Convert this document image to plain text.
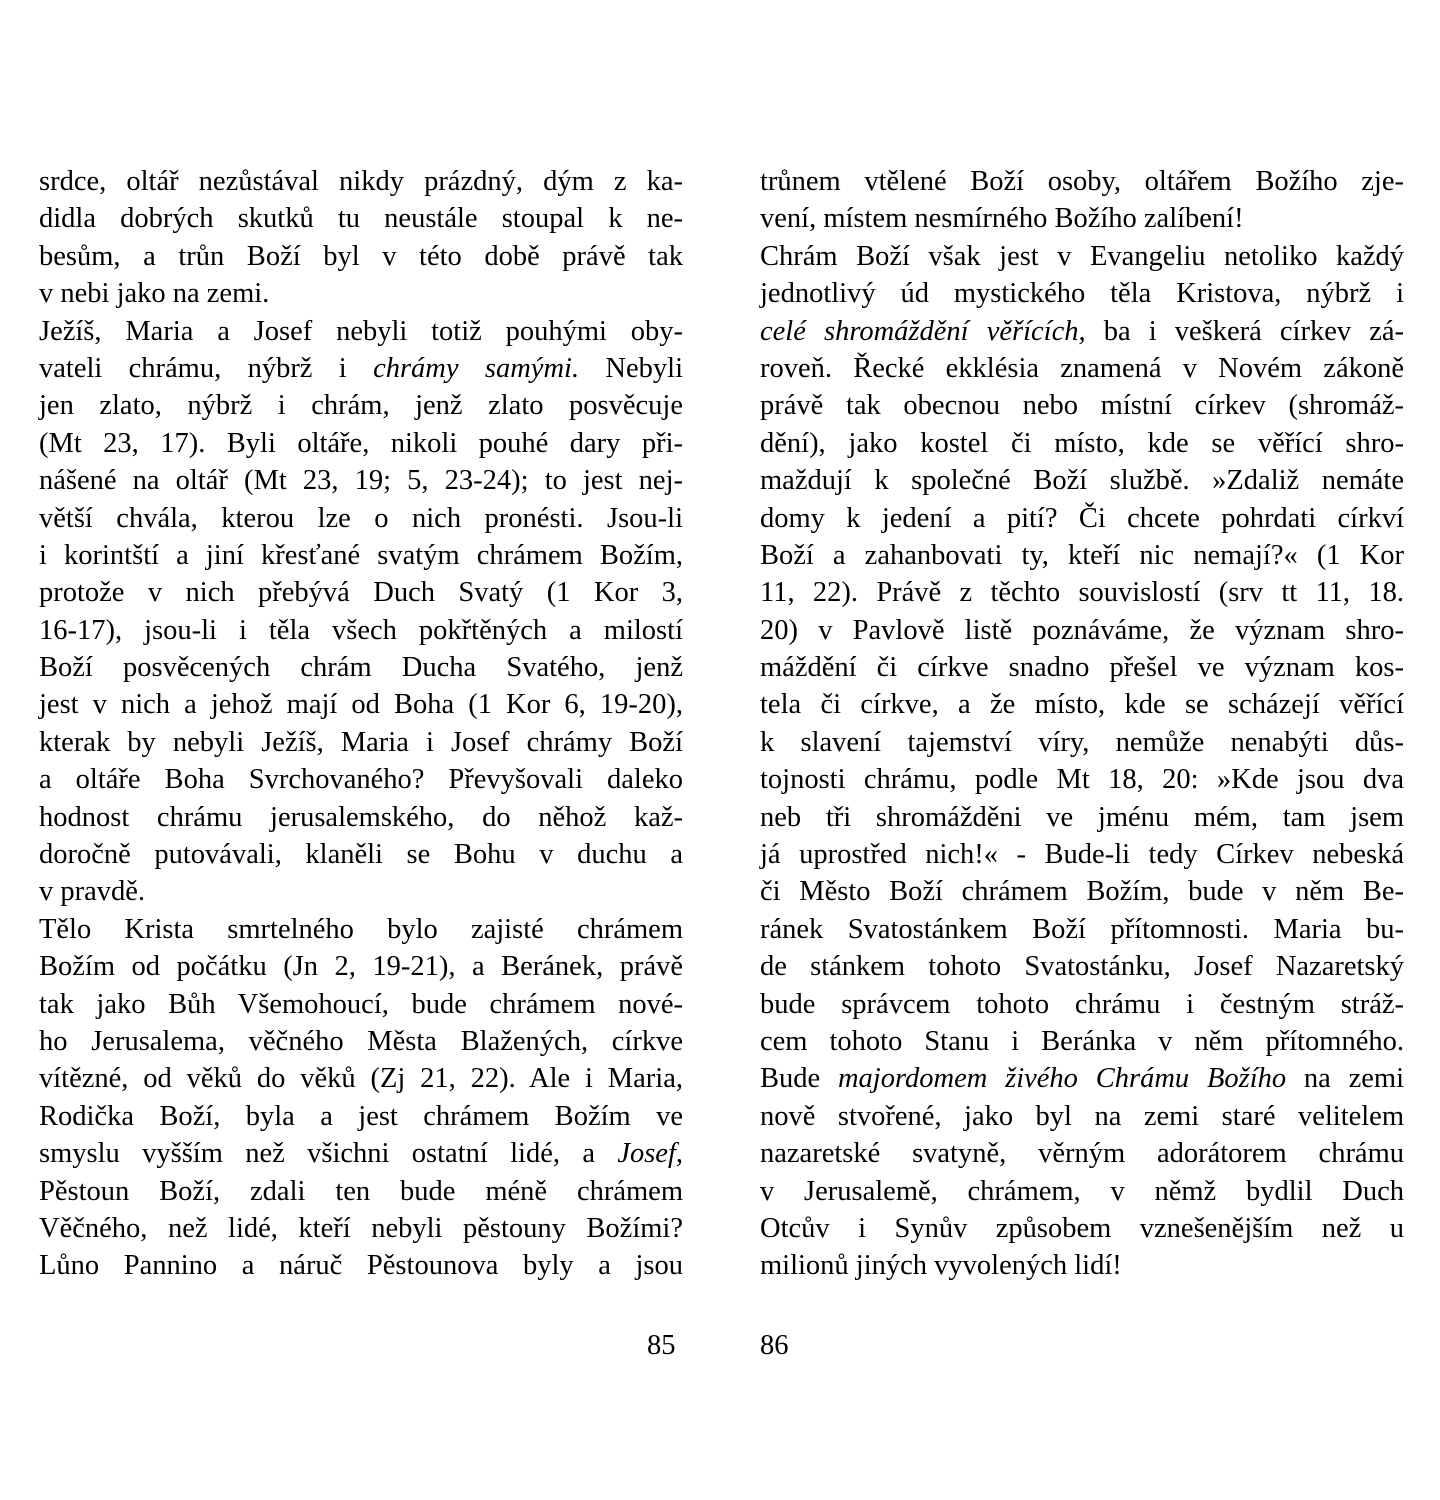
srdce, oltář nezůstával nikdy prázdný, dým z ka-
didla dobrých skutků tu neustále stoupal k ne-
besům, a trůn Boží byl v této době právě tak
v nebi jako na zemi.
Ježíš, Maria a Josef nebyli totiž pouhými oby-
vateli chrámu, nýbrž i chrámy samými. Nebyli
jen zlato, nýbrž i chrám, jenž zlato posvěcuje
(Mt 23, 17). Byli oltáře, nikoli pouhé dary při-
nášené na oltář (Mt 23, 19; 5, 23-24); to jest nej-
větší chvála, kterou lze o nich pronésti. Jsou-li
i korintští a jiní křesťané svatým chrámem Božím,
protože v nich přebývá Duch Svatý (1 Kor 3,
16-17), jsou-li i těla všech pokřtěných a milostí
Boží posvěcených chrám Ducha Svatého, jenž
jest v nich a jehož mají od Boha (1 Kor 6, 19-20),
kterak by nebyli Ježíš, Maria i Josef chrámy Boží
a oltáře Boha Svrchovaného? Převyšovali daleko
hodnost chrámu jerusalemského, do něhož kaž-
doročně putovávali, klaněli se Bohu v duchu a
v pravdě.
Tělo Krista smrtelného bylo zajisté chrámem
Božím od počátku (Jn 2, 19-21), a Beránek, právě
tak jako Bůh Všemohoucí, bude chrámem nové-
ho Jerusalema, věčného Města Blažených, církve
vítězné, od věků do věků (Zj 21, 22). Ale i Maria,
Rodička Boží, byla a jest chrámem Božím ve
smyslu vyšším než všichni ostatní lidé, a Josef,
Pěstoun Boží, zdali ten bude méně chrámem
Věčného, než lidé, kteří nebyli pěstouny Božími?
Lůno Pannino a náruč Pěstounova byly a jsou
trůnem vtělené Boží osoby, oltářem Božího zje-
vení, místem nesmírného Božího zalíbení!
Chrám Boží však jest v Evangeliu netoliko každý
jednotlivý úd mystického těla Kristova, nýbrž i
celé shromáždění věřících, ba i veškerá církev zá-
roveň. Řecké ekklésia znamená v Novém zákoně
právě tak obecnou nebo místní církev (shromáž-
dění), jako kostel či místo, kde se věřící shro-
maždují k společné Boží službě. »Zdaliž nemáte
domy k jedení a pití? Či chcete pohrdati církví
Boží a zahanbovati ty, kteří nic nemají?« (1 Kor
11, 22). Právě z těchto souvislostí (srv tt 11, 18.
20) v Pavlově listě poznáváme, že význam shro-
máždění či církve snadno přešel ve význam kos-
tela či církve, a že místo, kde se scházejí věřící
k slavení tajemství víry, nemůže nenabýti důs-
tojnosti chrámu, podle Mt 18, 20: »Kde jsou dva
neb tři shromážděni ve jménu mém, tam jsem
já uprostřed nich!« - Bude-li tedy Církev nebeská
či Město Boží chrámem Božím, bude v něm Be-
ránek Svatostánkem Boží přítomnosti. Maria bu-
de stánkem tohoto Svatostánku, Josef Nazaretský
bude správcem tohoto chrámu i čestným stráž-
cem tohoto Stanu i Beránka v něm přítomného.
Bude majordomem živého Chrámu Božího na zemi
nově stvořené, jako byl na zemi staré velitelem
nazaretské svatyně, věrným adorátorem chrámu
v Jerusalemě, chrámem, v němž bydlil Duch
Otcův i Synův způsobem vznešenějším než u
milionů jiných vyvolených lidí!
85	86
